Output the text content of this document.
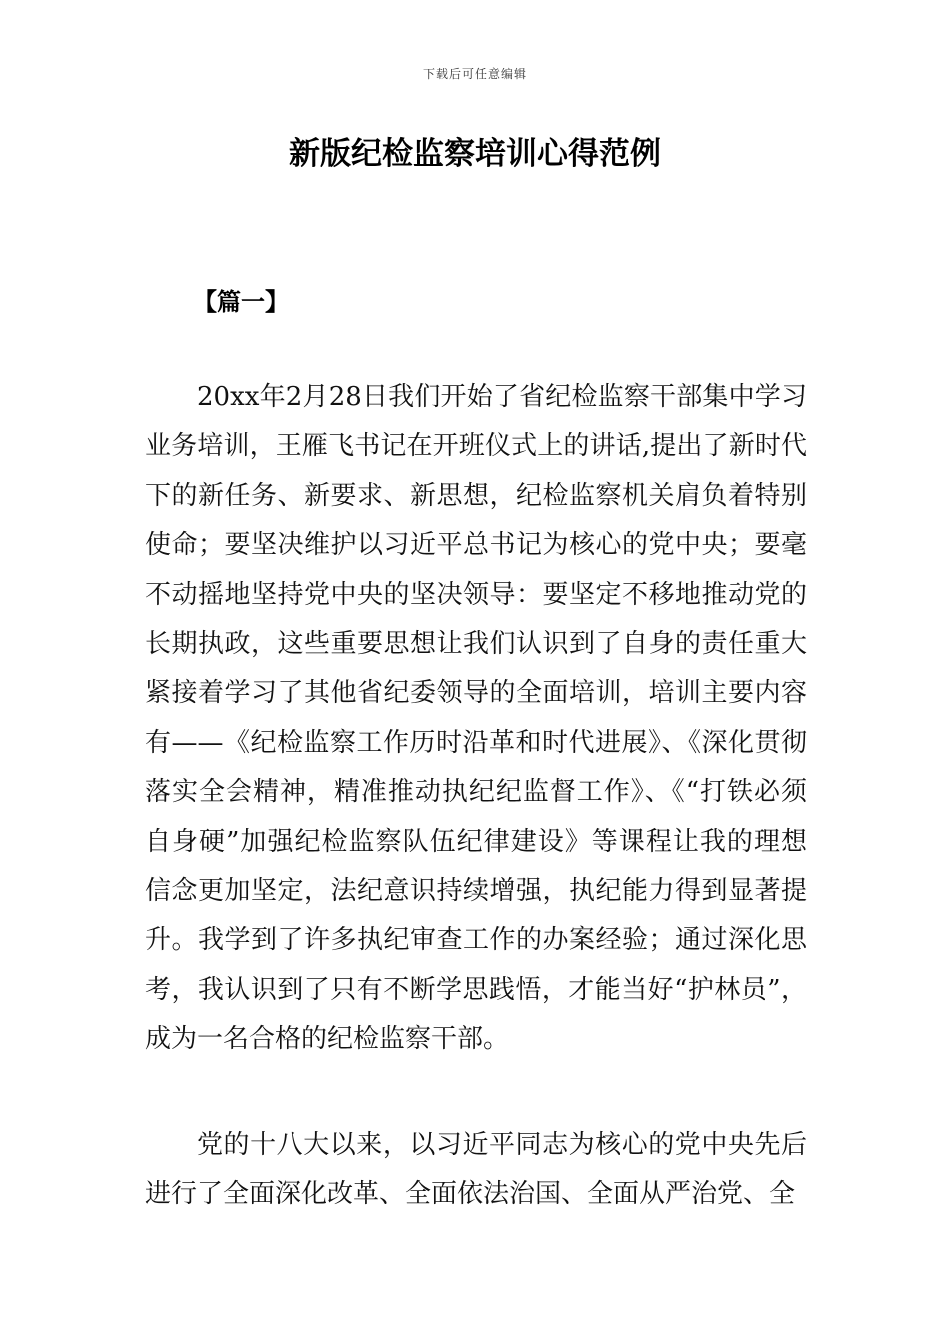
下载后可任意编辑
新版纪检监察培训心得范例
【篇一】

20xx年2月28日我们开始了省纪检监察干部集中学习业务培训，王雁飞书记在开班仪式上的讲话,提出了新时代下的新任务、新要求、新思想，纪检监察机关肩负着特别使命；要坚决维护以习近平总书记为核心的党中央；要毫不动摇地坚持党中央的坚决领导：要坚定不移地推动党的长期执政，这些重要思想让我们认识到了自身的责任重大紧接着学习了其他省纪委领导的全面培训，培训主要内容有——《纪检监察工作历时沿革和时代进展》、《深化贯彻落实全会精神，精准推动执纪纪监督工作》、《“打铁必须自身硬”加强纪检监察队伍纪律建设》等课程让我的理想信念更加坚定，法纪意识持续增强，执纪能力得到显著提升。我学到了许多执纪审查工作的办案经验；通过深化思考，我认识到了只有不断学思践悟，才能当好“护林员”，成为一名合格的纪检监察干部。

党的十八大以来，以习近平同志为核心的党中央先后进行了全面深化改革、全面依法治国、全面从严治党、全
